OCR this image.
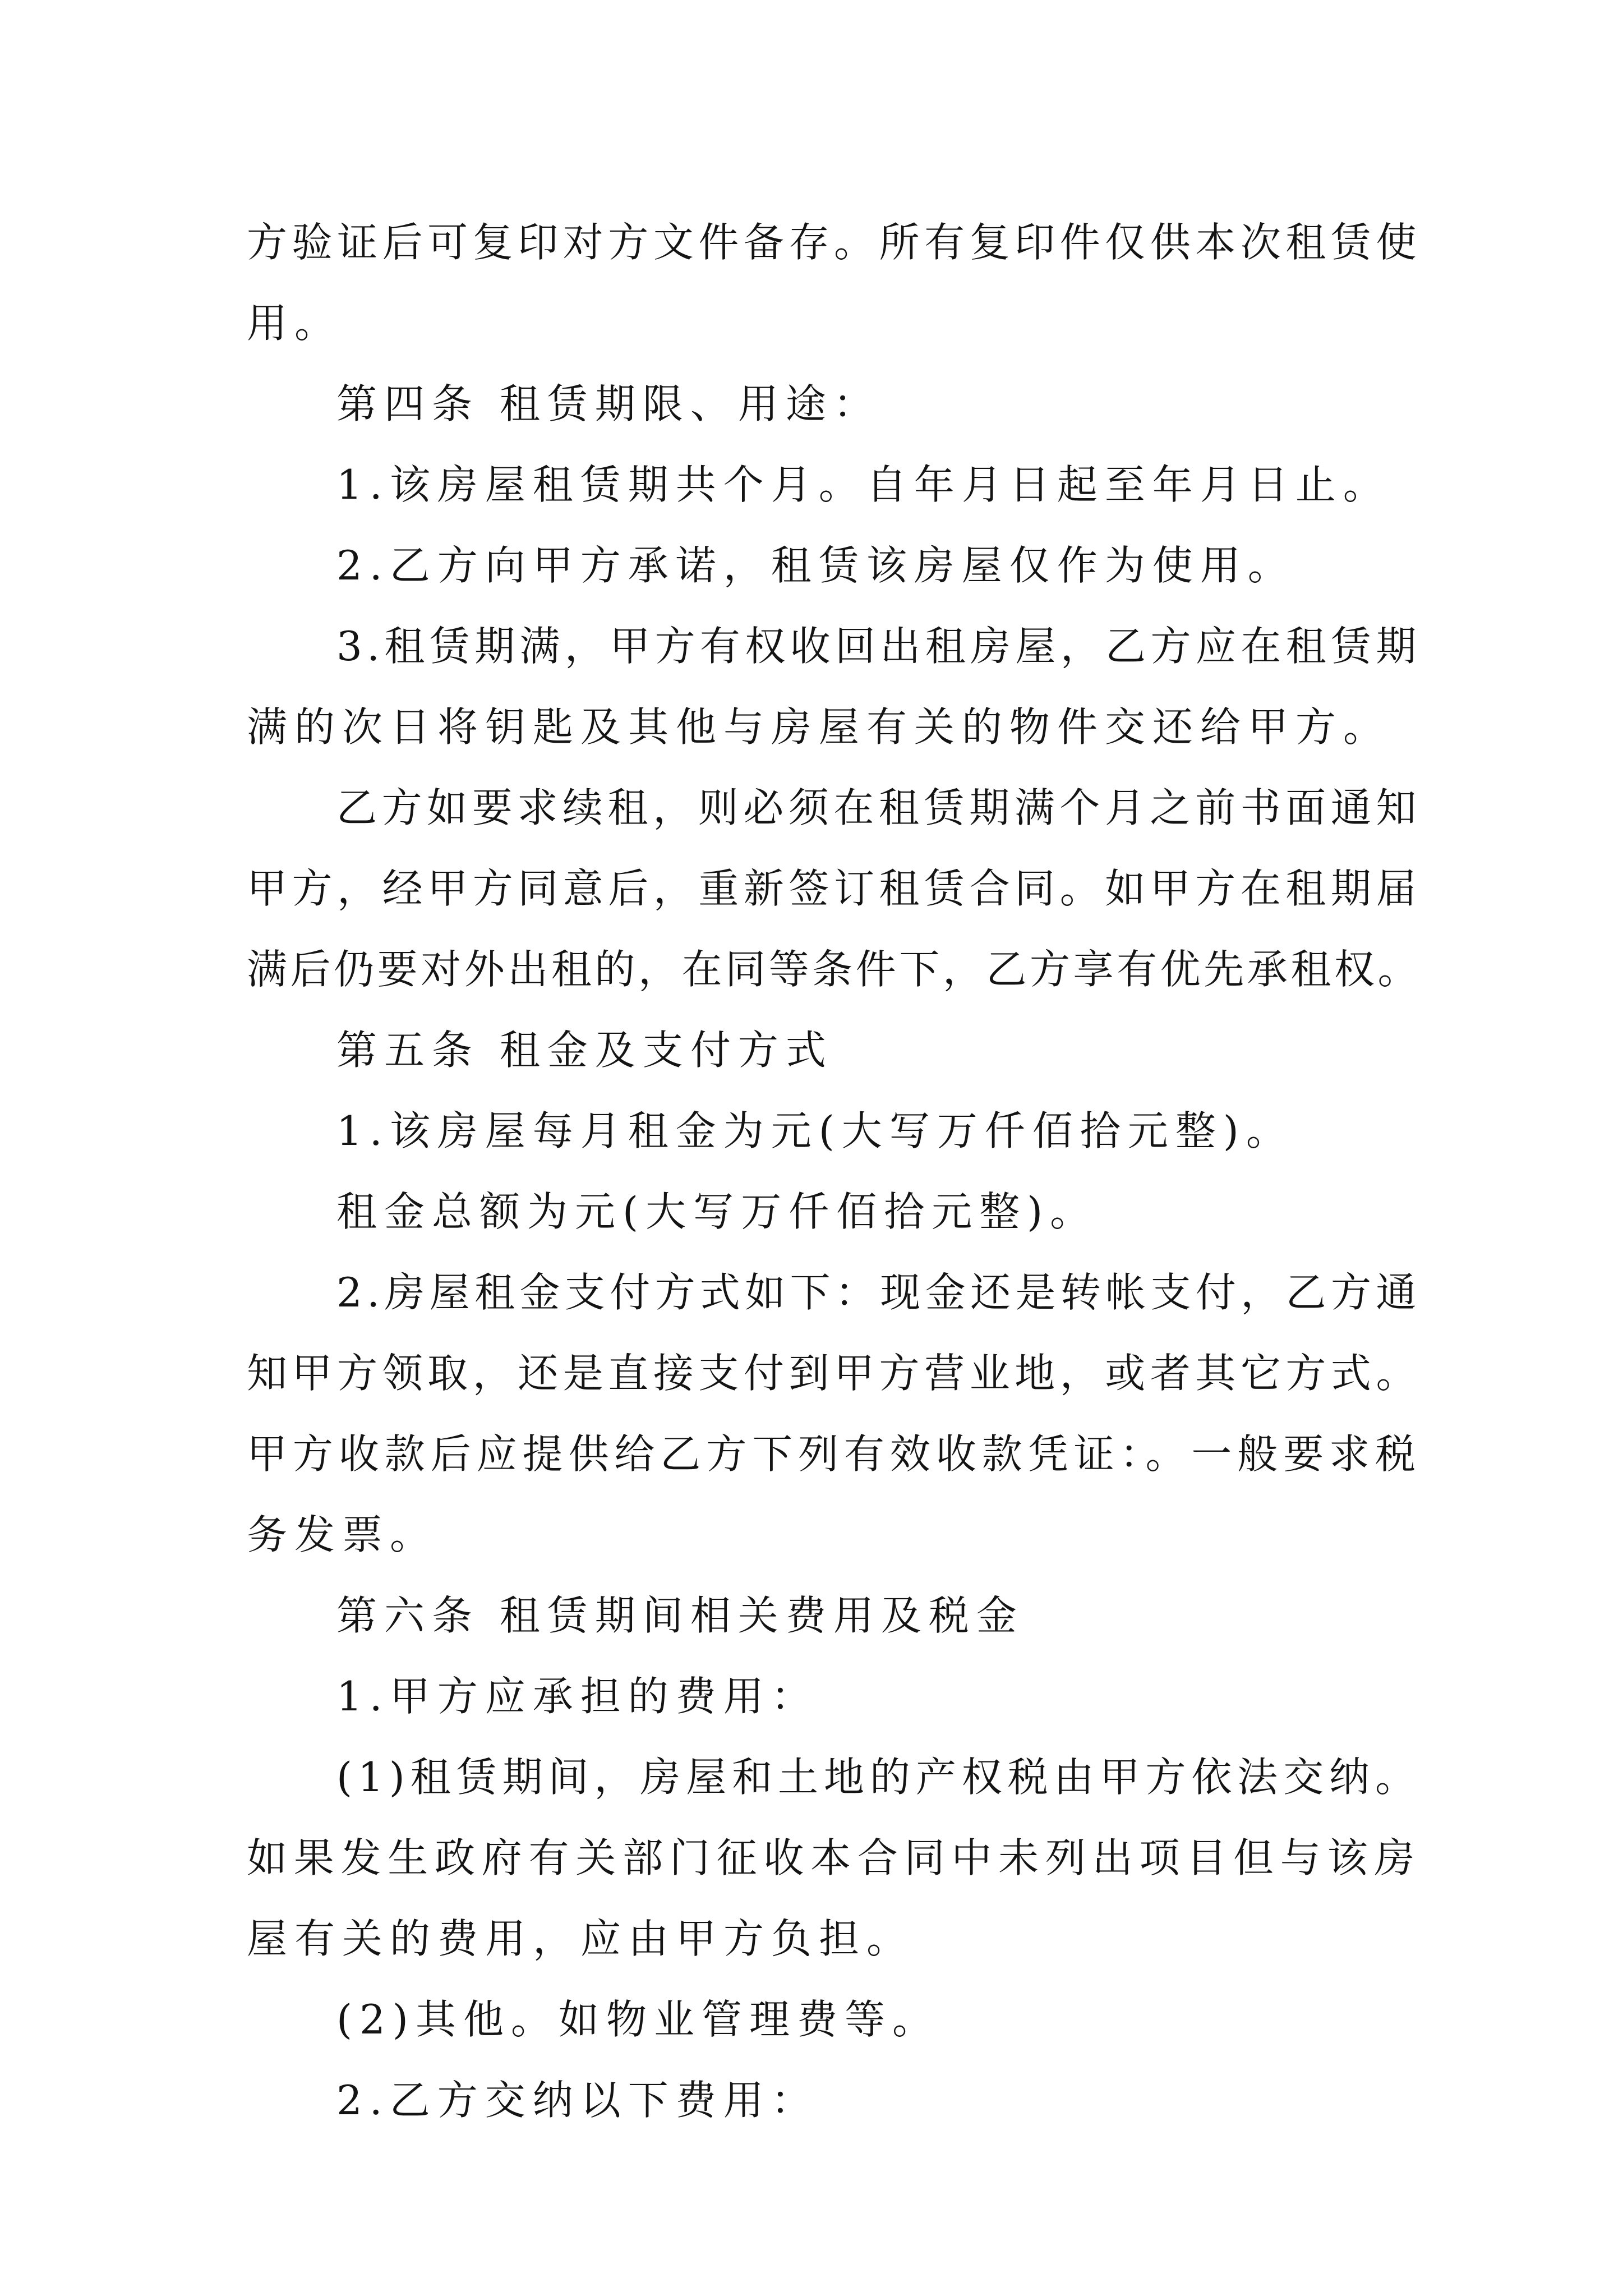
方验证后可复印对方文件备存。所有复印件仅供本次租赁使
用。
第四条 租赁期限、用途：
1.该房屋租赁期共个月。自年月日起至年月日止。
2.乙方向甲方承诺，租赁该房屋仅作为使用。
3.租赁期满，甲方有权收回出租房屋，乙方应在租赁期
满的次日将钥匙及其他与房屋有关的物件交还给甲方。
乙方如要求续租，则必须在租赁期满个月之前书面通知
甲方，经甲方同意后，重新签订租赁合同。如甲方在租期届
满后仍要对外出租的，在同等条件下，乙方享有优先承租权。
第五条 租金及支付方式
1.该房屋每月租金为元(大写万仟佰拾元整)。
租金总额为元(大写万仟佰拾元整)。
2.房屋租金支付方式如下：现金还是转帐支付，乙方通
知甲方领取，还是直接支付到甲方营业地，或者其它方式。
甲方收款后应提供给乙方下列有效收款凭证：。一般要求税
务发票。
第六条 租赁期间相关费用及税金
1.甲方应承担的费用：
(1)租赁期间，房屋和土地的产权税由甲方依法交纳。
如果发生政府有关部门征收本合同中未列出项目但与该房
屋有关的费用，应由甲方负担。
(2)其他。如物业管理费等。
2.乙方交纳以下费用：
